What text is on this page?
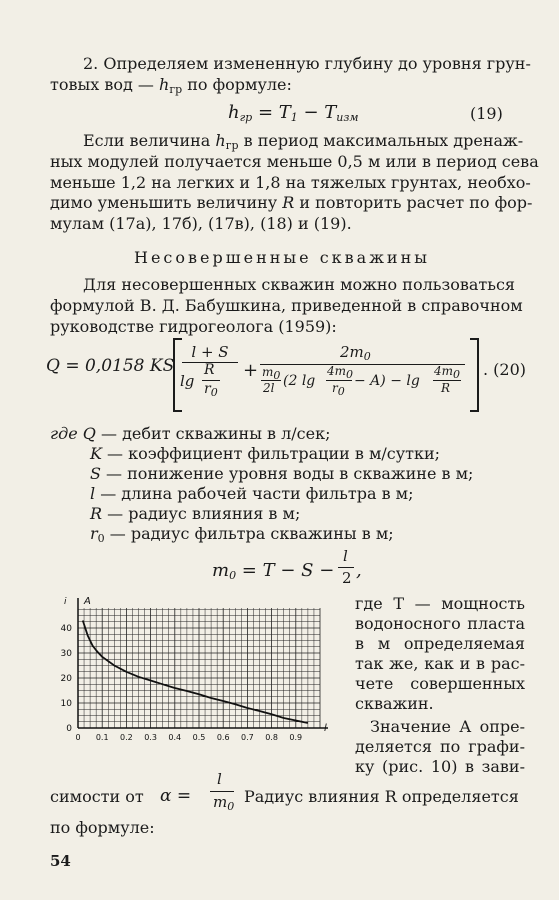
2. Определяем измененную глубину до уровня грун-
товых вод — $h_{гр}$ по формуле:
$h_{гр} = T_1 - T_{изм}$	(19)
Если величина $h_{гр}$ в период максимальных дренаж-
ных модулей получается меньше 0,5 м или в период сева
меньше 1,2 на легких и 1,8 на тяжелых грунтах, необхо-
димо уменьшить величину R и повторить расчет по фор-
мулам (17а), 17б), (17в), (18) и (19).
Несовершенные скважины
Для несовершенных скважин можно пользоваться
формулой В. Д. Бабушкина, приведенной в справочном
руководстве гидрогеолога (1959):
Q = 0,0158 KS
l + S
lg
R
$r_0$
+
$2m_0$
m0
2l (2 lg
4m0
r0
− A) − lg
4m0
R
. (20)
где Q — дебит скважины в л/сек;
K — коэффициент фильтрации в м/сутки;
S — понижение уровня воды в скважине в м;
l — длина рабочей части фильтра в м;
R — радиус влияния в м;
$r_0$ — радиус фильтра скважины в м;
$m_0 = T - S$ −
l
2 ,
0 0.1 0.2 0.3 0.4 0.5 0.6 0.7 0.8 0.9
0
10
20
30
40
A
i
l
где T — мощность
водоносного пласта
в м определяемая
так же, как и в рас-
чете совершенных
скважин.
Значение A опре-
деляется по графи-
ку (рис. 10) в зави-
симости от α =
l
$m_0$
Радиус влияния R определяется
по формуле:
54
